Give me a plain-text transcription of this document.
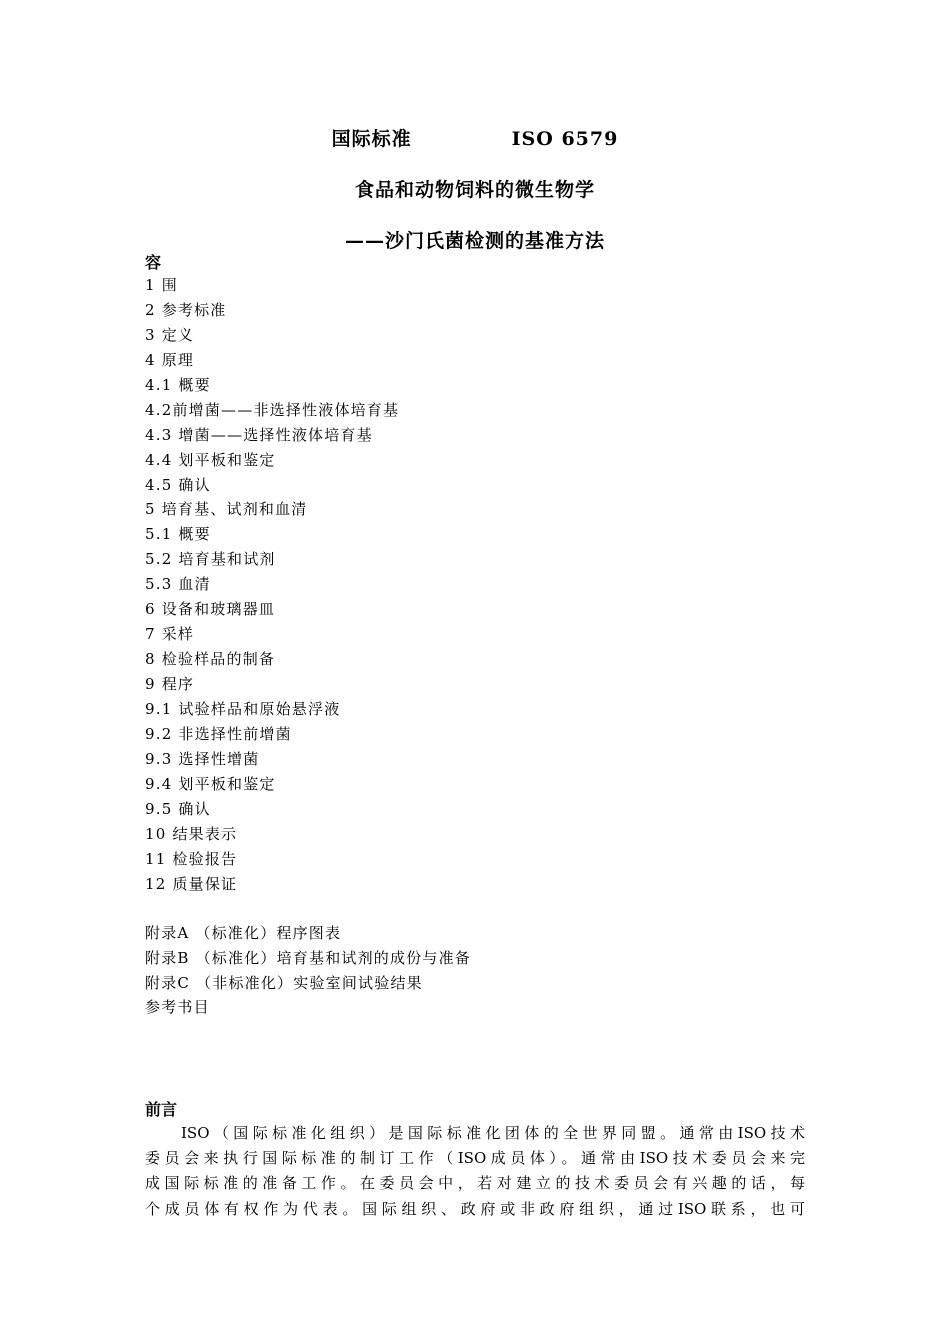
国际标准	ISO 6579
食品和动物饲料的微生物学
——沙门氏菌检测的基准方法
容
1 围
2 参考标准
3 定义
4 原理
4.1 概要
4.2前增菌——非选择性液体培育基
4.3 增菌——选择性液体培育基
4.4 划平板和鉴定
4.5 确认
5 培育基、试剂和血清
5.1 概要
5.2 培育基和试剂
5.3 血清
6 设备和玻璃器皿
7 采样
8 检验样品的制备
9 程序
9.1 试验样品和原始悬浮液
9.2 非选择性前增菌
9.3 选择性增菌
9.4 划平板和鉴定
9.5 确认
10 结果表示
11 检验报告
12 质量保证
附录A （标准化）程序图表
附录B （标准化）培育基和试剂的成份与准备
附录C （非标准化）实验室间试验结果
参考书目
前言
ISO（国际标准化组织）是国际标准化团体的全世界同盟。通常由ISO技术
委员会来执行国际标准的制订工作（ISO成员体）。通常由ISO技术委员会来完
成国际标准的准备工作。在委员会中，若对建立的技术委员会有兴趣的话，每
个成员体有权作为代表。国际组织、政府或非政府组织，通过ISO联系，也可
